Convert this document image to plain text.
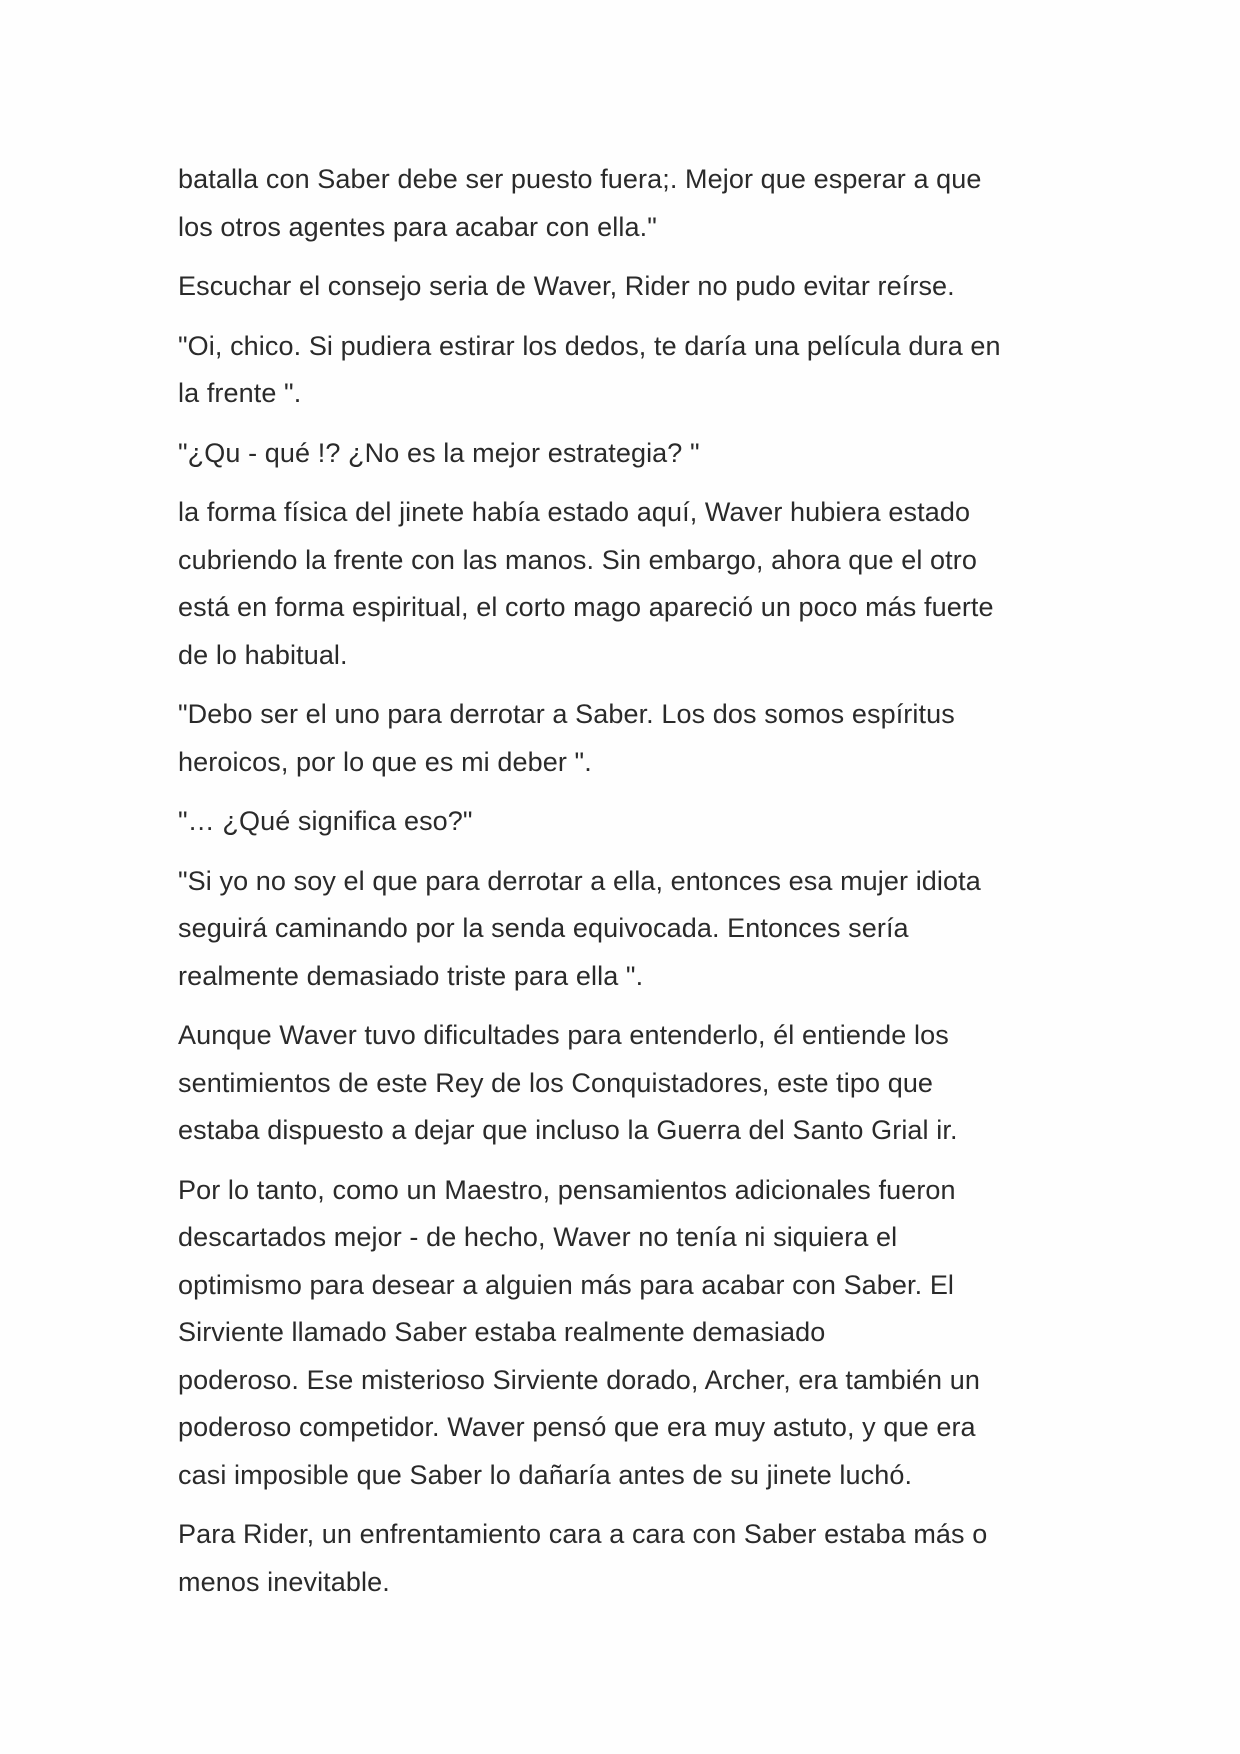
batalla con Saber debe ser puesto fuera;. Mejor que esperar a que
los otros agentes para acabar con ella."

Escuchar el consejo seria de Waver, Rider no pudo evitar reírse.

"Oi, chico. Si pudiera estirar los dedos, te daría una película dura en
la frente ".

"¿Qu - qué !? ¿No es la mejor estrategia? "

la forma física del jinete había estado aquí, Waver hubiera estado
cubriendo la frente con las manos. Sin embargo, ahora que el otro
está en forma espiritual, el corto mago apareció un poco más fuerte
de lo habitual.

"Debo ser el uno para derrotar a Saber. Los dos somos espíritus
heroicos, por lo que es mi deber ".

"… ¿Qué significa eso?"

"Si yo no soy el que para derrotar a ella, entonces esa mujer idiota
seguirá caminando por la senda equivocada. Entonces sería
realmente demasiado triste para ella ".

Aunque Waver tuvo dificultades para entenderlo, él entiende los
sentimientos de este Rey de los Conquistadores, este tipo que
estaba dispuesto a dejar que incluso la Guerra del Santo Grial ir.

Por lo tanto, como un Maestro, pensamientos adicionales fueron
descartados mejor - de hecho, Waver no tenía ni siquiera el
optimismo para desear a alguien más para acabar con Saber. El
Sirviente llamado Saber estaba realmente demasiado
poderoso. Ese misterioso Sirviente dorado, Archer, era también un
poderoso competidor. Waver pensó que era muy astuto, y que era
casi imposible que Saber lo dañaría antes de su jinete luchó.

Para Rider, un enfrentamiento cara a cara con Saber estaba más o
menos inevitable.
